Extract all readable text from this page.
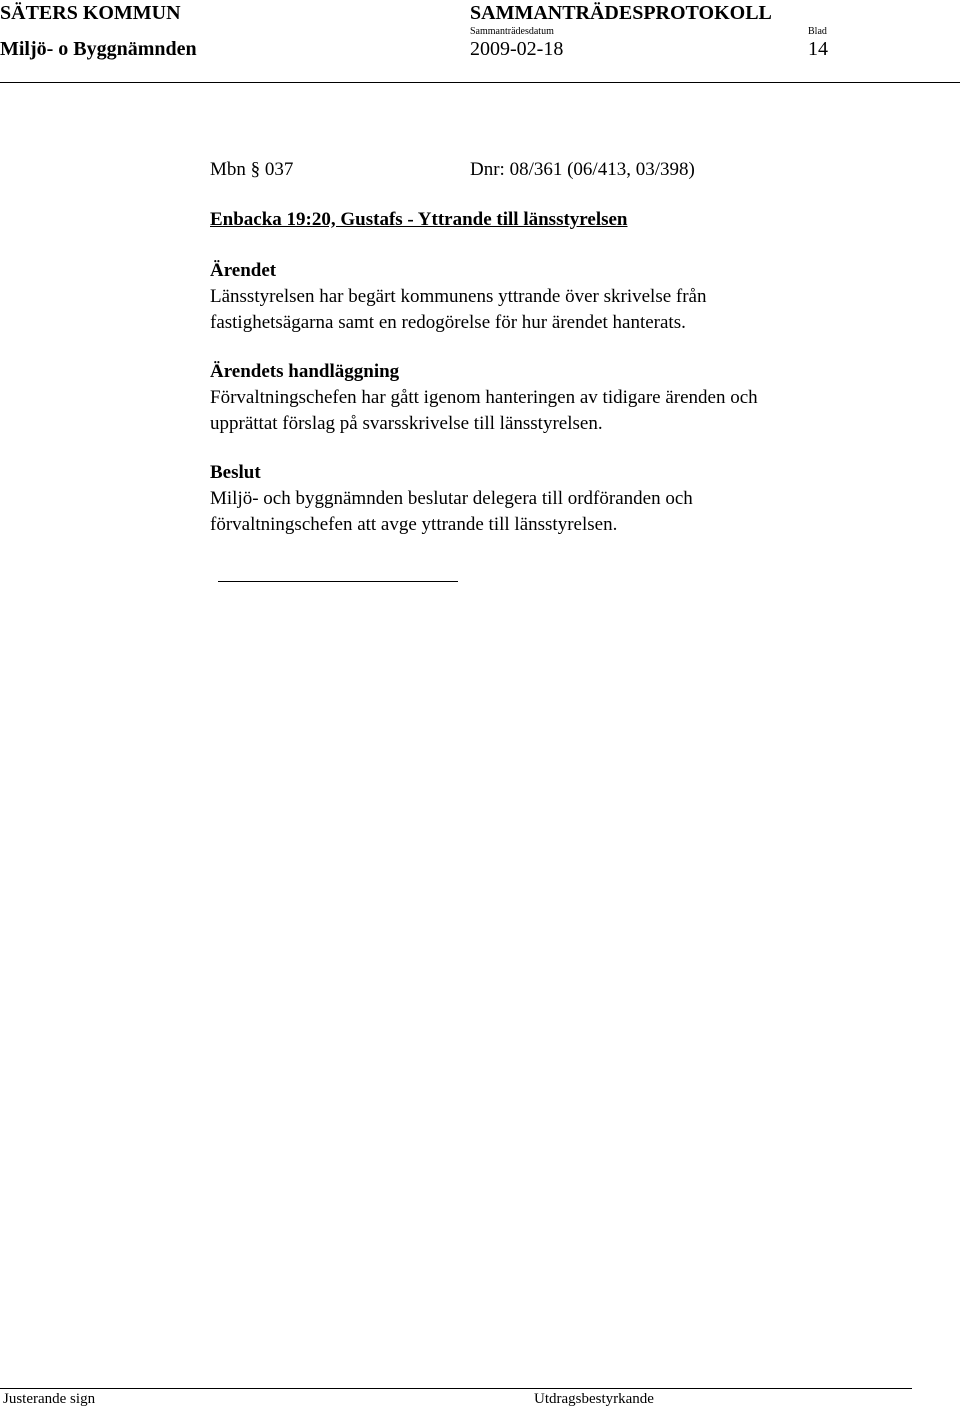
SÄTERS KOMMUN
Miljö- o Byggnämnden
SAMMANTRÄDESPROTOKOLL
Sammanträdesdatum
2009-02-18
Blad
14
Mbn § 037	Dnr: 08/361 (06/413, 03/398)
Enbacka 19:20, Gustafs - Yttrande till länsstyrelsen
Ärendet
Länsstyrelsen har begärt kommunens yttrande över skrivelse från
fastighetsägarna samt en redogörelse för hur ärendet hanterats.
Ärendets handläggning
Förvaltningschefen har gått igenom hanteringen av tidigare ärenden och
upprättat förslag på svarsskrivelse till länsstyrelsen.
Beslut
Miljö- och byggnämnden beslutar delegera till ordföranden och
förvaltningschefen att avge yttrande till länsstyrelsen.
Justerande sign	Utdragsbestyrkande
